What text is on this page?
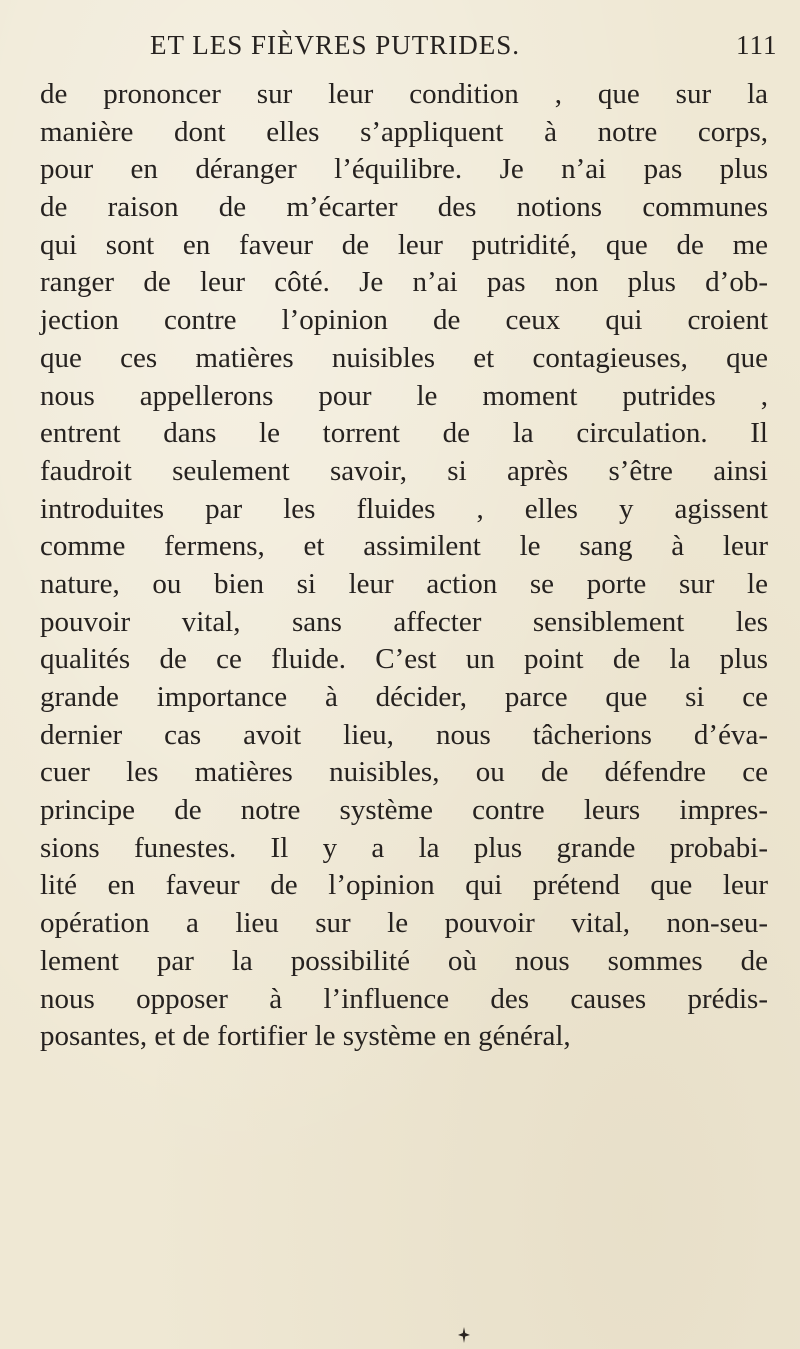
ET LES FIÈVRES PUTRIDES.	111
de prononcer sur leur condition , que sur la
manière dont elles s’appliquent à notre corps,
pour en déranger l’équilibre. Je n’ai pas plus
de raison de m’écarter des notions communes
qui sont en faveur de leur putridité, que de me
ranger de leur côté. Je n’ai pas non plus d’ob-
jection contre l’opinion de ceux qui croient
que ces matières nuisibles et contagieuses, que
nous appellerons pour le moment putrides ,
entrent dans le torrent de la circulation. Il
faudroit seulement savoir, si après s’être ainsi
introduites par les fluides , elles y agissent
comme fermens, et assimilent le sang à leur
nature, ou bien si leur action se porte sur le
pouvoir vital, sans affecter sensiblement les
qualités de ce fluide. C’est un point de la plus
grande importance à décider, parce que si ce
dernier cas avoit lieu, nous tâcherions d’éva-
cuer les matières nuisibles, ou de défendre ce
principe de notre système contre leurs impres-
sions funestes. Il y a la plus grande probabi-
lité en faveur de l’opinion qui prétend que leur
opération a lieu sur le pouvoir vital, non-seu-
lement par la possibilité où nous sommes de
nous opposer à l’influence des causes prédis-
posantes, et de fortifier le système en général,
